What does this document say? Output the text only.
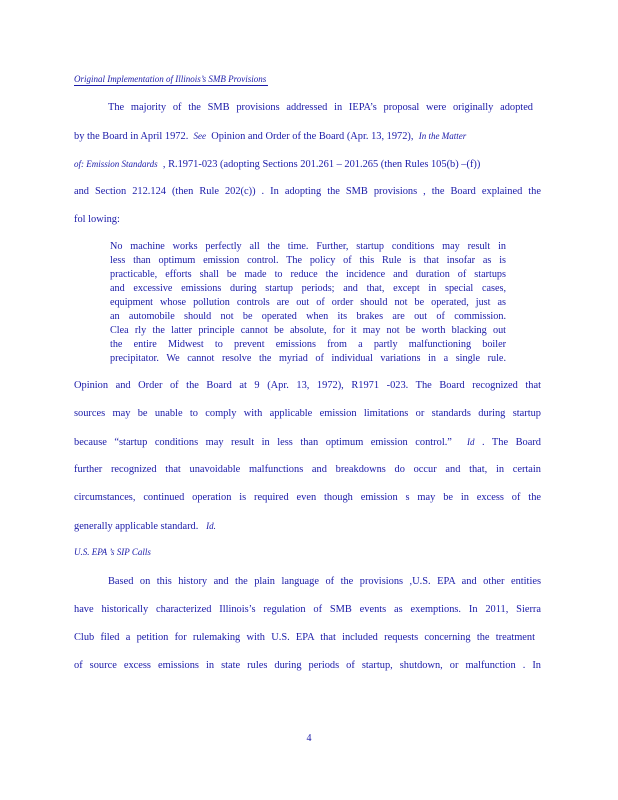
Original Implementation of Illinois’s SMB Provisions
The majority of the SMB provisions addressed in IEPA’s proposal were originally adopted
by the Board in April 1972. See Opinion and Order of the Board (Apr. 13, 1972), In the Matter
of: Emission Standards , R.1971-023 (adopting Sections 201.261 – 201.265 (then Rules 105(b) –(f))
and Section 212.124 (then Rule 202(c)) . In adopting the SMB provisions , the Board explained the
fol lowing:
No machine works perfectly all the time. Further, startup conditions may result in
less than optimum emission control. The policy of this Rule is that insofar as is
practicable, efforts shall be made to reduce the incidence and duration of startups
and excessive emissions during startup periods; and that, except in special cases,
equipment whose pollution controls are out of order should not be operated, just as
an automobile should not be operated when its brakes are out of commission.
Clea rly the latter principle cannot be absolute, for it may not be worth blacking out
the entire Midwest to prevent emissions from a partly malfunctioning boiler
precipitator. We cannot resolve the myriad of individual variations in a single rule.
Opinion and Order of the Board at 9 (Apr. 13, 1972), R1971 -023. The Board recognized that
sources may be unable to comply with applicable emission limitations or standards during startup
because “startup conditions may result in less than optimum emission control.” Id . The Board
further recognized that unavoidable malfunctions and breakdowns do occur and that, in certain
circumstances, continued operation is required even though emission s may be in excess of the
generally applicable standard. Id.
U.S. EPA ’s SIP Calls
Based on this history and the plain language of the provisions ,U.S. EPA and other entities
have historically characterized Illinois’s regulation of SMB events as exemptions. In 2011, Sierra
Club filed a petition for rulemaking with U.S. EPA that included requests concerning the treatment
of source excess emissions in state rules during periods of startup, shutdown, or malfunction . In
4
